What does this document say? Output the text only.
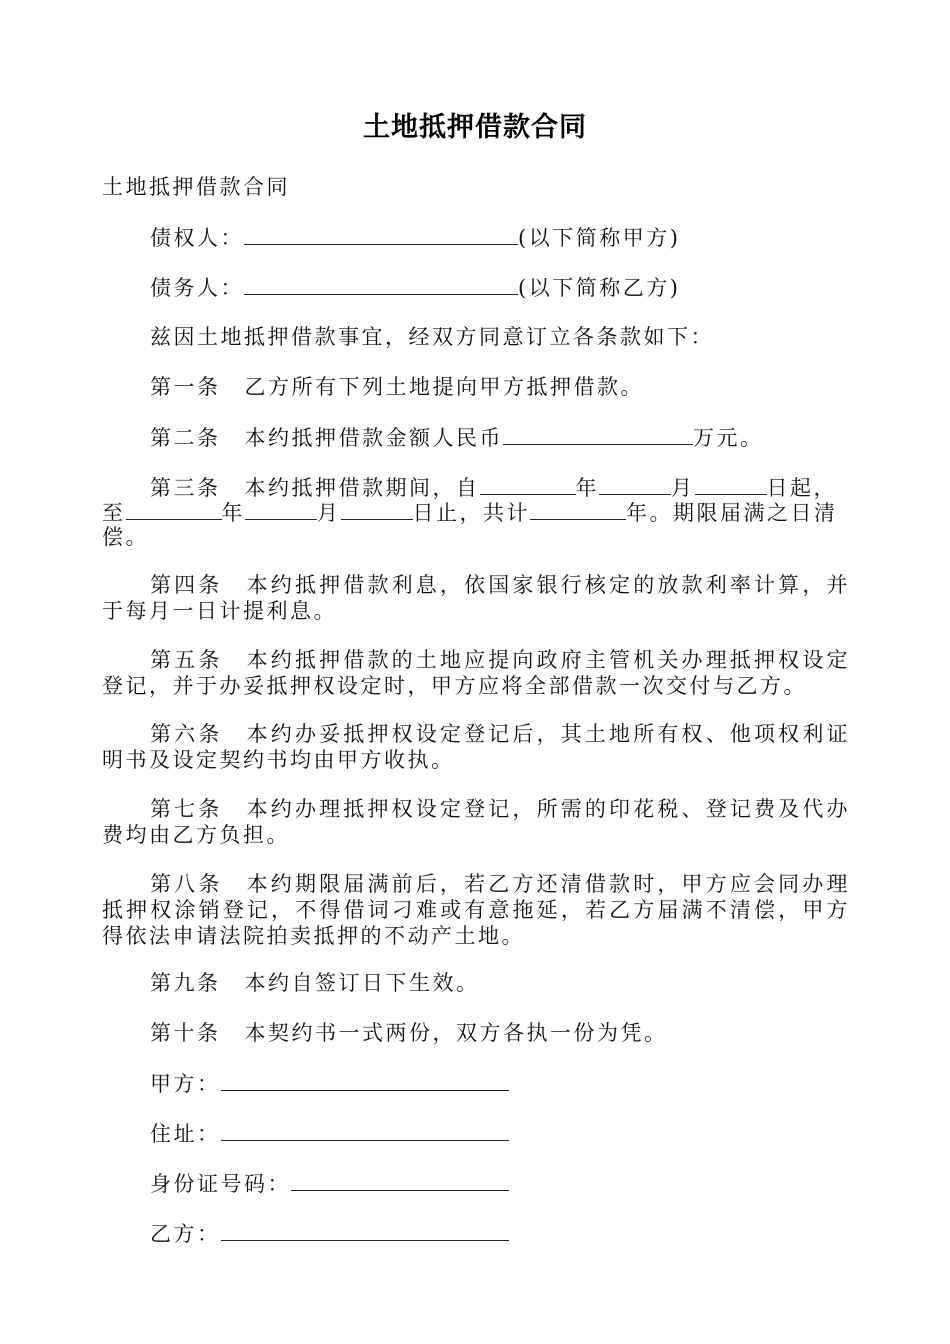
土地抵押借款合同
土地抵押借款合同
债权人：	(以下简称甲方)
债务人：	(以下简称乙方)
兹因土地抵押借款事宜，经双方同意订立各条款如下：
第一条 乙方所有下列土地提向甲方抵押借款。
第二条 本约抵押借款金额人民币	万元。
第三条 本约抵押借款期间，自	年	月	日起，
至	年	月	日止，共计	年。期限届满之日清
偿。
第四条　本约抵押借款利息，依国家银行核定的放款利率计算，并于每月一日计提利息。
第五条　本约抵押借款的土地应提向政府主管机关办理抵押权设定登记，并于办妥抵押权设定时，甲方应将全部借款一次交付与乙方。
第六条　本约办妥抵押权设定登记后，其土地所有权、他项权利证明书及设定契约书均由甲方收执。
第七条　本约办理抵押权设定登记，所需的印花税、登记费及代办费均由乙方负担。
第八条　本约期限届满前后，若乙方还清借款时，甲方应会同办理抵押权涂销登记，不得借词刁难或有意拖延，若乙方届满不清偿，甲方得依法申请法院拍卖抵押的不动产土地。
第九条 本约自签订日下生效。
第十条 本契约书一式两份，双方各执一份为凭。
甲方：
住址：
身份证号码：
乙方：
